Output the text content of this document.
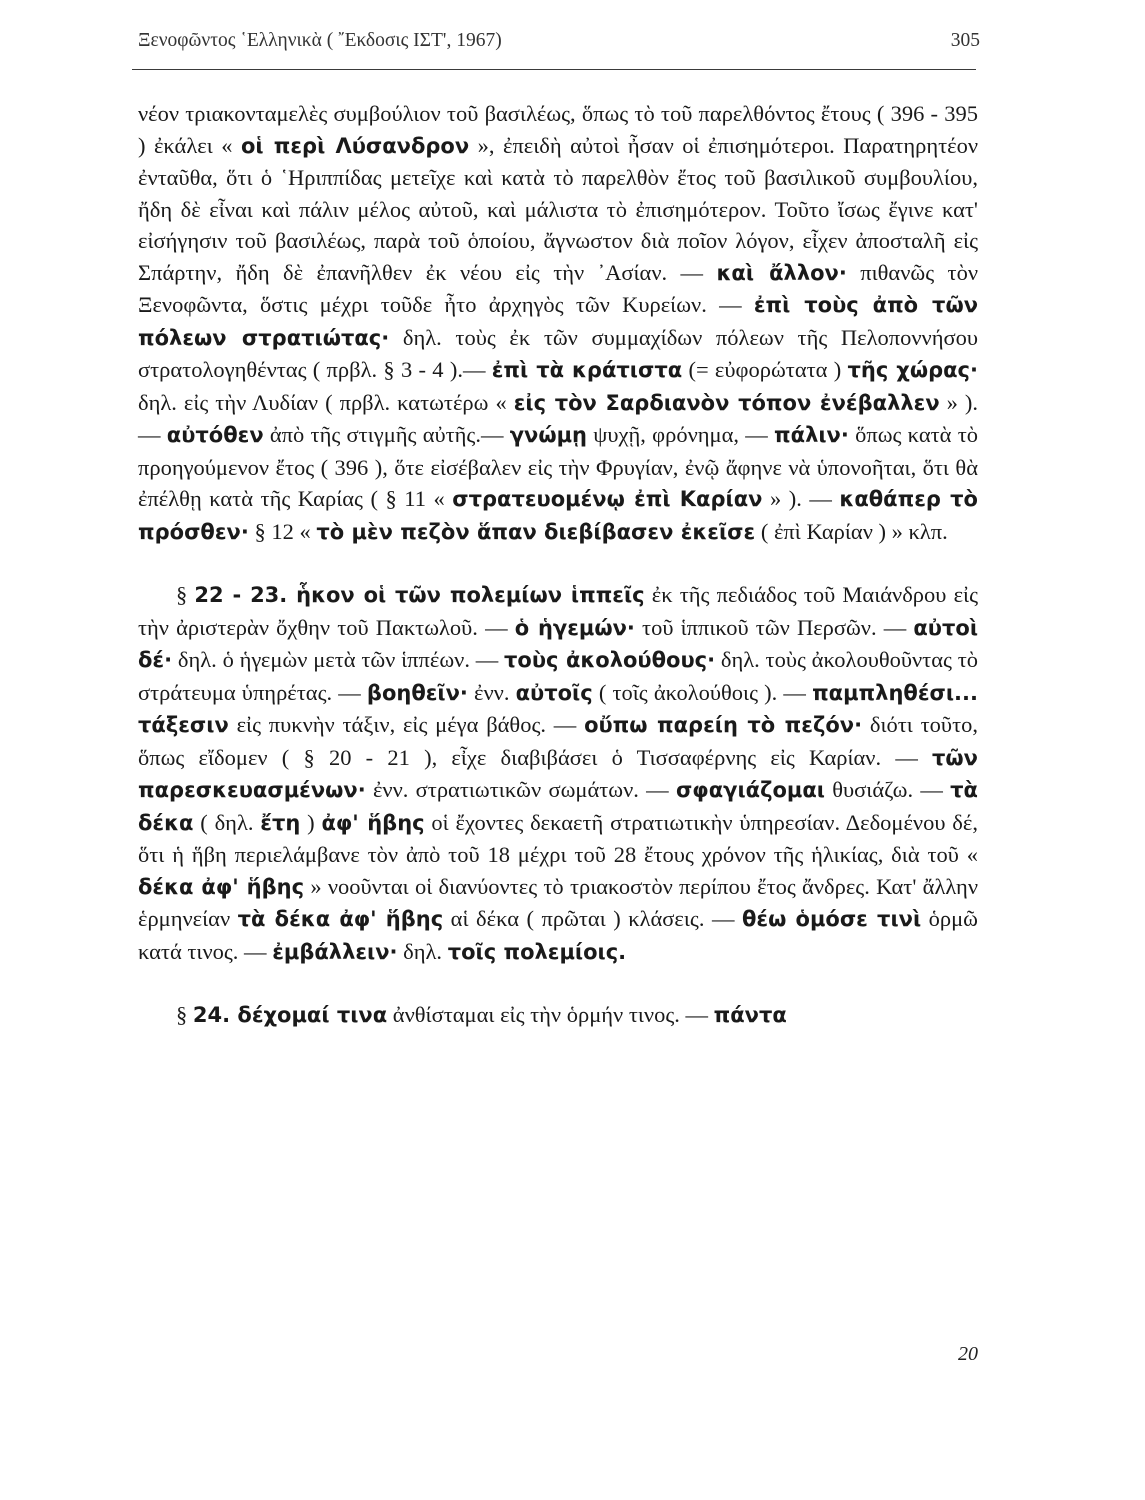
Ξενοφῶντος ῾Ελληνικὰ ( ῎Εκδοσις ΙΣΤ', 1967)	305

νέον τριακονταμελὲς συμβούλιον τοῦ βασιλέως, ὅπως τὸ τοῦ παρελθόντος ἔτους ( 396 - 395 ) ἐκάλει « οἱ περὶ Λύσανδρον », ἐπειδὴ αὐτοὶ ἦσαν οἱ ἐπισημότεροι. Παρατηρητέον ἐνταῦθα, ὅτι ὁ ῾Ηριππίδας μετεῖχε καὶ κατὰ τὸ παρελθὸν ἔτος τοῦ βασιλικοῦ συμβουλίου, ἤδη δὲ εἶναι καὶ πάλιν μέλος αὐτοῦ, καὶ μάλιστα τὸ ἐπισημότερον. Τοῦτο ἴσως ἔγινε κατ' εἰσήγησιν τοῦ βασιλέως, παρὰ τοῦ ὁποίου, ἄγνωστον διὰ ποῖον λόγον, εἶχεν ἀποσταλῆ εἰς Σπάρτην, ἤδη δὲ ἐπανῆλθεν ἐκ νέου εἰς τὴν ᾿Ασίαν. — καὶ ἄλλον· πιθανῶς τὸν Ξενοφῶντα, ὅστις μέχρι τοῦδε ἦτο ἀρχηγὸς τῶν Κυρείων. — ἐπὶ τοὺς ἀπὸ τῶν πόλεων στρατιώτας· δηλ. τοὺς ἐκ τῶν συμμαχίδων πόλεων τῆς Πελοποννήσου στρατολογηθέντας ( πρβλ. § 3 - 4 ).— ἐπὶ τὰ κράτιστα (= εὐφορώτατα ) τῆς χώρας· δηλ. εἰς τὴν Λυδίαν ( πρβλ. κατωτέρω « εἰς τὸν Σαρδιανὸν τόπον ἐνέβαλλεν » ). — αὐτόθεν ἀπὸ τῆς στιγμῆς αὐτῆς.— γνώμῃ ψυχῇ, φρόνημα, — πάλιν· ὅπως κατὰ τὸ προηγούμενον ἔτος ( 396 ), ὅτε εἰσέβαλεν εἰς τὴν Φρυγίαν, ἐνῷ ἄφηνε νὰ ὑπονοῆται, ὅτι θὰ ἐπέλθῃ κατὰ τῆς Καρίας ( § 11 « στρατευομένῳ ἐπὶ Καρίαν » ). — καθάπερ τὸ πρόσθεν· § 12 « τὸ μὲν πεζὸν ἅπαν διεβίβασεν ἐκεῖσε ( ἐπὶ Καρίαν ) » κλπ.

§ 22 - 23. ἧκον οἱ τῶν πολεμίων ἱππεῖς ἐκ τῆς πεδιάδος τοῦ Μαιάνδρου εἰς τὴν ἀριστερὰν ὄχθην τοῦ Πακτωλοῦ. — ὁ ἡγεμών· τοῦ ἱππικοῦ τῶν Περσῶν. — αὐτοὶ δέ· δηλ. ὁ ἡγεμὼν μετὰ τῶν ἱππέων. — τοὺς ἀκολούθους· δηλ. τοὺς ἀκολουθοῦντας τὸ στράτευμα ὑπηρέτας. — βοηθεῖν· ἐνν. αὐτοῖς ( τοῖς ἀκολούθοις ). — παμπληθέσι... τάξεσιν εἰς πυκνὴν τάξιν, εἰς μέγα βάθος. — οὔπω παρείη τὸ πεζόν· διότι τοῦτο, ὅπως εἴδομεν ( § 20 - 21 ), εἶχε διαβιβάσει ὁ Τισσαφέρνης εἰς Καρίαν. — τῶν παρεσκευασμένων· ἐνν. στρατιωτικῶν σωμάτων. — σφαγιάζομαι θυσιάζω. — τὰ δέκα ( δηλ. ἔτη ) ἀφ' ἥβης οἱ ἔχοντες δεκαετῆ στρατιωτικὴν ὑπηρεσίαν. Δεδομένου δέ, ὅτι ἡ ἥβη περιελάμβανε τὸν ἀπὸ τοῦ 18 μέχρι τοῦ 28 ἔτους χρόνον τῆς ἡλικίας, διὰ τοῦ « δέκα ἀφ' ἥβης » νοοῦνται οἱ διανύοντες τὸ τριακοστὸν περίπου ἔτος ἄνδρες. Κατ' ἄλλην ἑρμηνείαν τὰ δέκα ἀφ' ἥβης αἱ δέκα ( πρῶται ) κλάσεις. — θέω ὁμόσε τινὶ ὁρμῶ κατά τινος. — ἐμβάλλειν· δηλ. τοῖς πολεμίοις.

§ 24. δέχομαί τινα ἀνθίσταμαι εἰς τὴν ὁρμήν τινος. — πάντα

20
